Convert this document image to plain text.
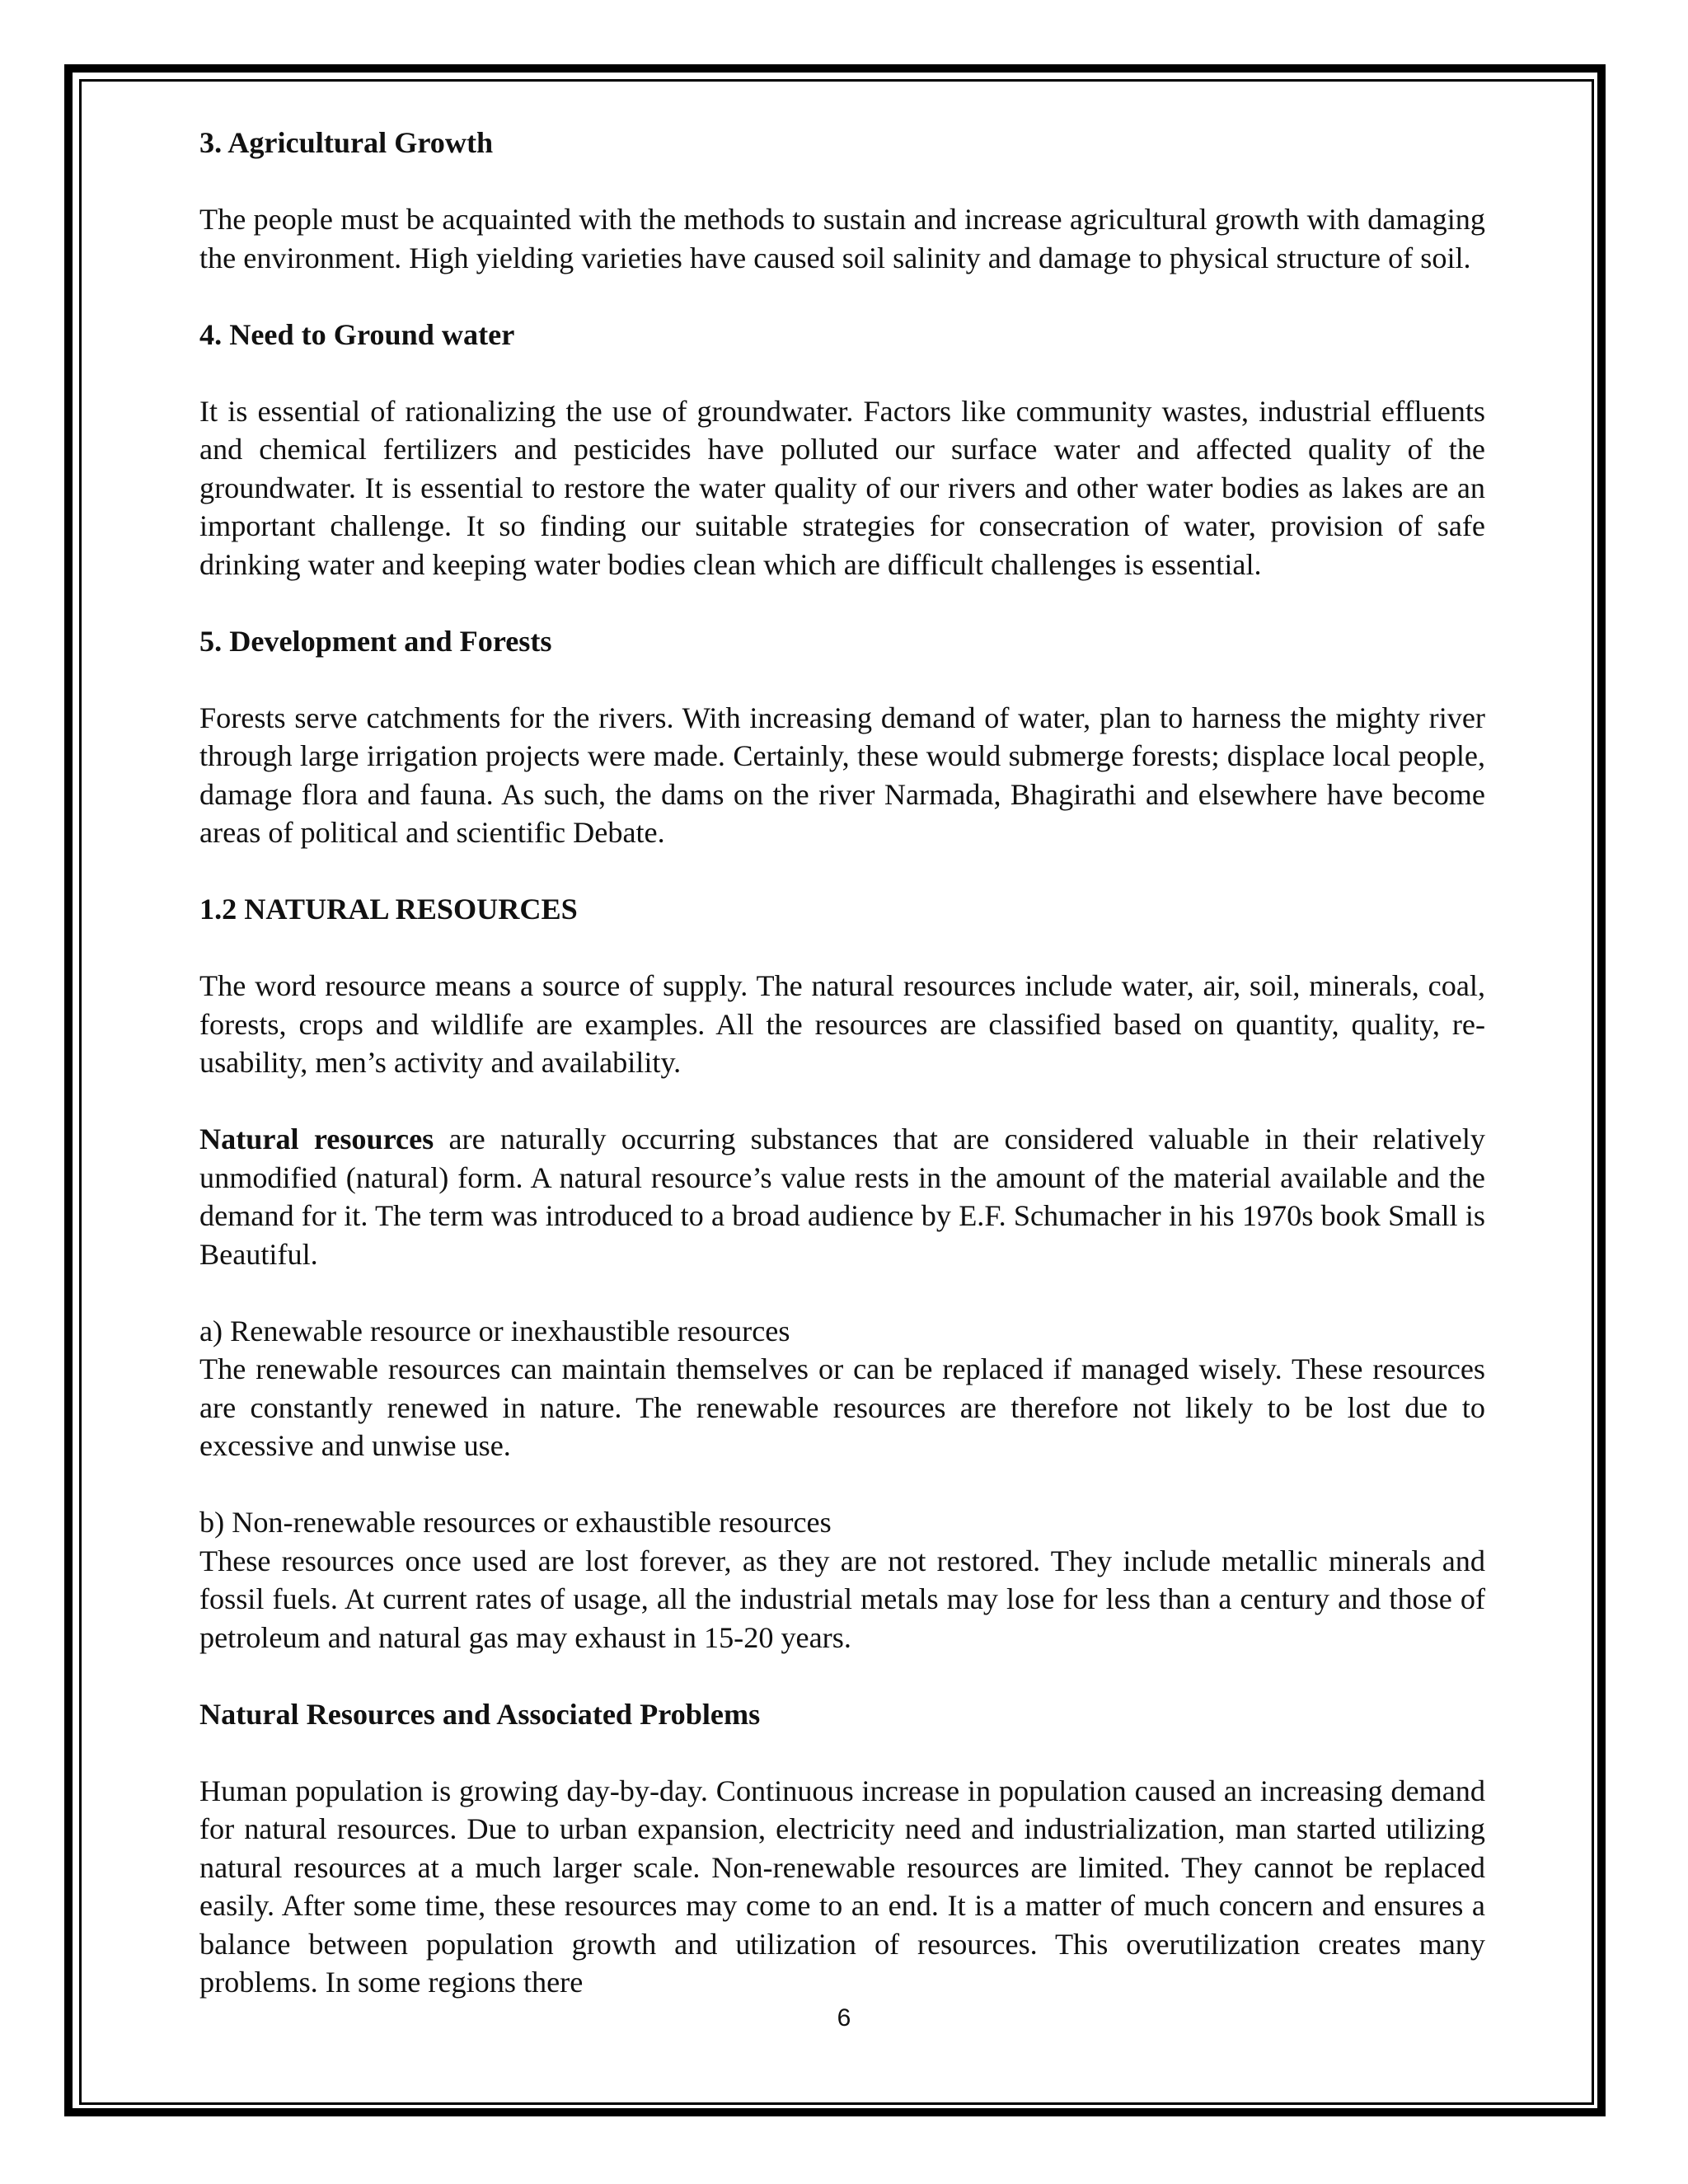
3. Agricultural Growth

The people must be acquainted with the methods to sustain and increase agricultural growth with damaging the environment. High yielding varieties have caused soil salinity and damage to physical structure of soil.

4. Need to Ground water

It is essential of rationalizing the use of groundwater. Factors like community wastes, industrial effluents and chemical fertilizers and pesticides have polluted our surface water and affected quality of the groundwater. It is essential to restore the water quality of our rivers and other water bodies as lakes are an important challenge. It so finding our suitable strategies for consecration of water, provision of safe drinking water and keeping water bodies clean which are difficult challenges is essential.

5. Development and Forests

Forests serve catchments for the rivers. With increasing demand of water, plan to harness the mighty river through large irrigation projects were made. Certainly, these would submerge forests; displace local people, damage flora and fauna. As such, the dams on the river Narmada, Bhagirathi and elsewhere have become areas of political and scientific Debate.

1.2 NATURAL RESOURCES

The word resource means a source of supply. The natural resources include water, air, soil, minerals, coal, forests, crops and wildlife are examples. All the resources are classified based on quantity, quality, re-usability, men’s activity and availability.

Natural resources are naturally occurring substances that are considered valuable in their relatively unmodified (natural) form. A natural resource’s value rests in the amount of the material available and the demand for it. The term was introduced to a broad audience by E.F. Schumacher in his 1970s book Small is Beautiful.

a) Renewable resource or inexhaustible resources

The renewable resources can maintain themselves or can be replaced if managed wisely. These resources are constantly renewed in nature. The renewable resources are therefore not likely to be lost due to excessive and unwise use.

b) Non-renewable resources or exhaustible resources

These resources once used are lost forever, as they are not restored. They include metallic minerals and fossil fuels. At current rates of usage, all the industrial metals may lose for less than a century and those of petroleum and natural gas may exhaust in 15-20 years.

Natural Resources and Associated Problems

Human population is growing day-by-day. Continuous increase in population caused an increasing demand for natural resources. Due to urban expansion, electricity need and industrialization, man started utilizing natural resources at a much larger scale. Non-renewable resources are limited. They cannot be replaced easily. After some time, these resources may come to an end. It is a matter of much concern and ensures a balance between population growth and utilization of resources. This overutilization creates many problems. In some regions there

6
